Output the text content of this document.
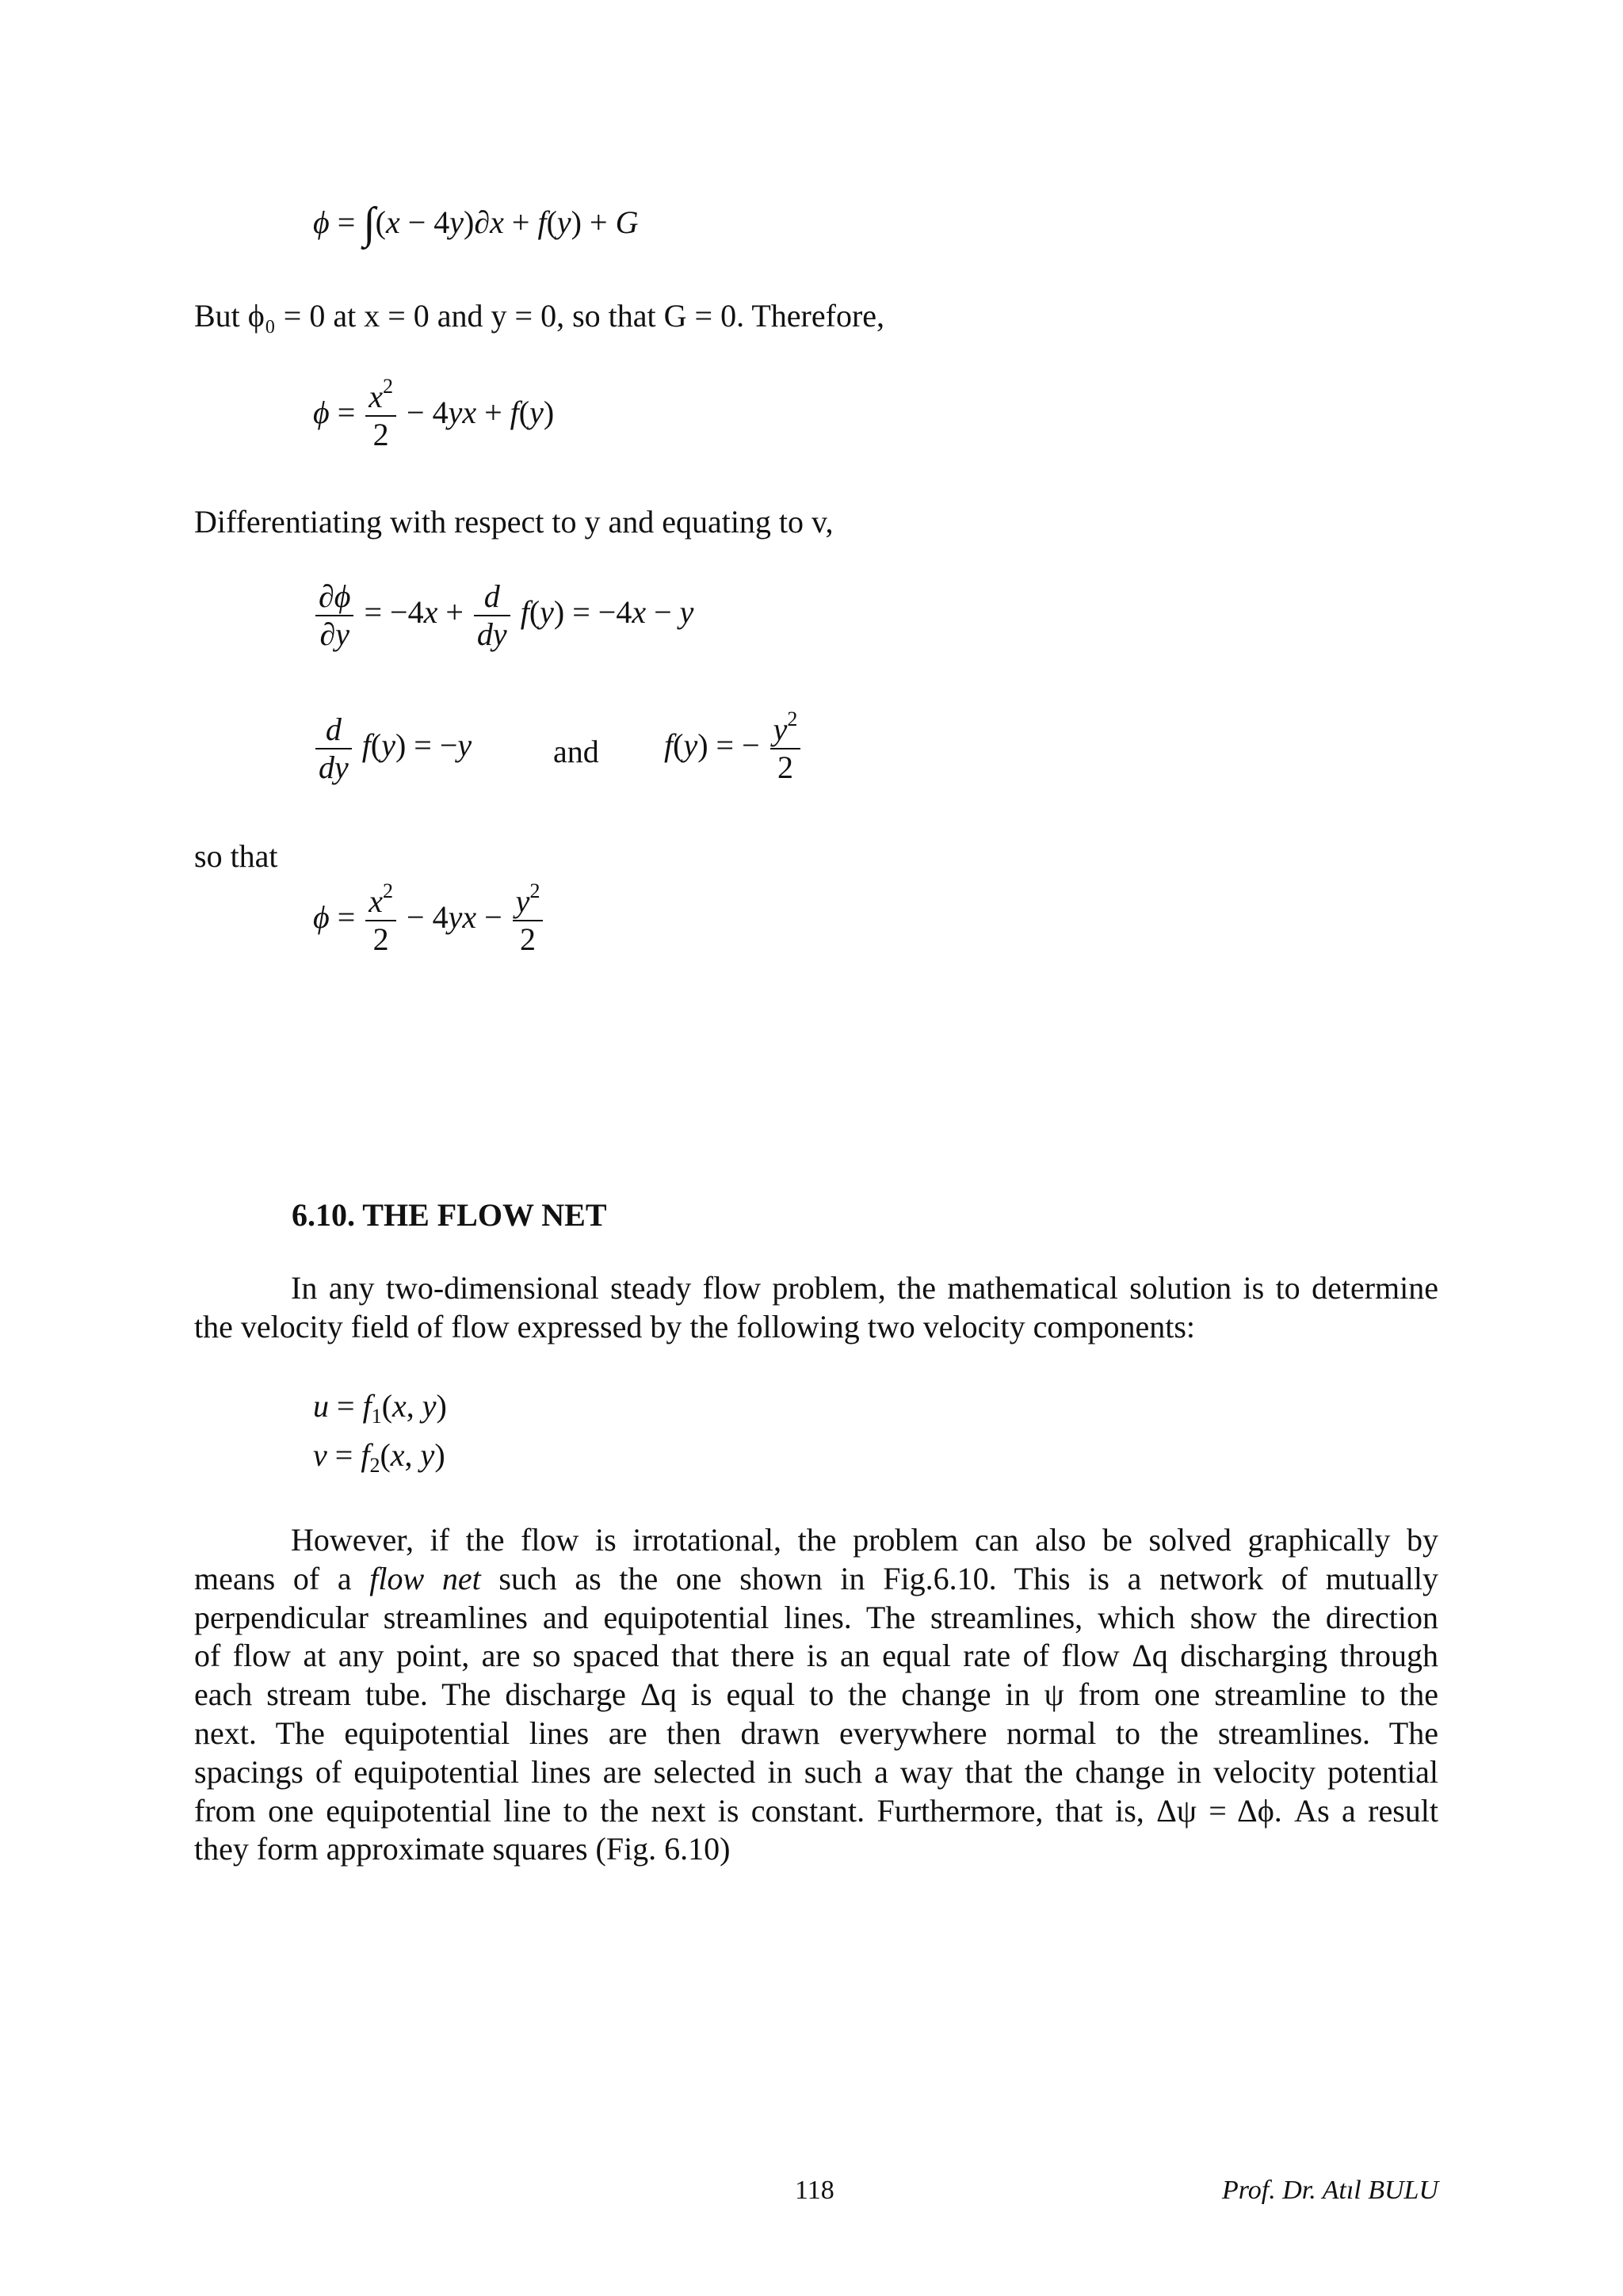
ϕ = ∫(x − 4y)∂x + f(y) + G
But ϕ₀ = 0 at x = 0 and y = 0, so that G = 0. Therefore,
$\phi = \frac{x^2}{2} - 4yx + f(y)$
Differentiating with respect to y and equating to v,
$\frac{\partial\phi}{\partial y} = -4x + \frac{d}{dy} f(y) = -4x - y$
$\frac{d}{dy} f(y) = -y$	and f(y) = − $\frac{y^2}{2}$
so that
$\phi = \frac{x^2}{2} - 4yx - \frac{y^2}{2}$
6.10. THE FLOW NET
In any two-dimensional steady flow problem, the mathematical solution is to determine the velocity field of flow expressed by the following two velocity components:
$u = f_1(x$, y)
$v = f_2(x$, y)
However, if the flow is irrotational, the problem can also be solved graphically by
means of a flow net such as the one shown in Fig.6.10. This is a network of mutually
perpendicular streamlines and equipotential lines. The streamlines, which show the direction
of flow at any point, are so spaced that there is an equal rate of flow Δq discharging through
each stream tube. The discharge Δq is equal to the change in ψ from one streamline to the
next. The equipotential lines are then drawn everywhere normal to the streamlines. The
spacings of equipotential lines are selected in such a way that the change in velocity potential
from one equipotential line to the next is constant. Furthermore, that is, Δψ = Δϕ. As a result
they form approximate squares (Fig. 6.10)
118	Prof. Dr. Atıl BULU
